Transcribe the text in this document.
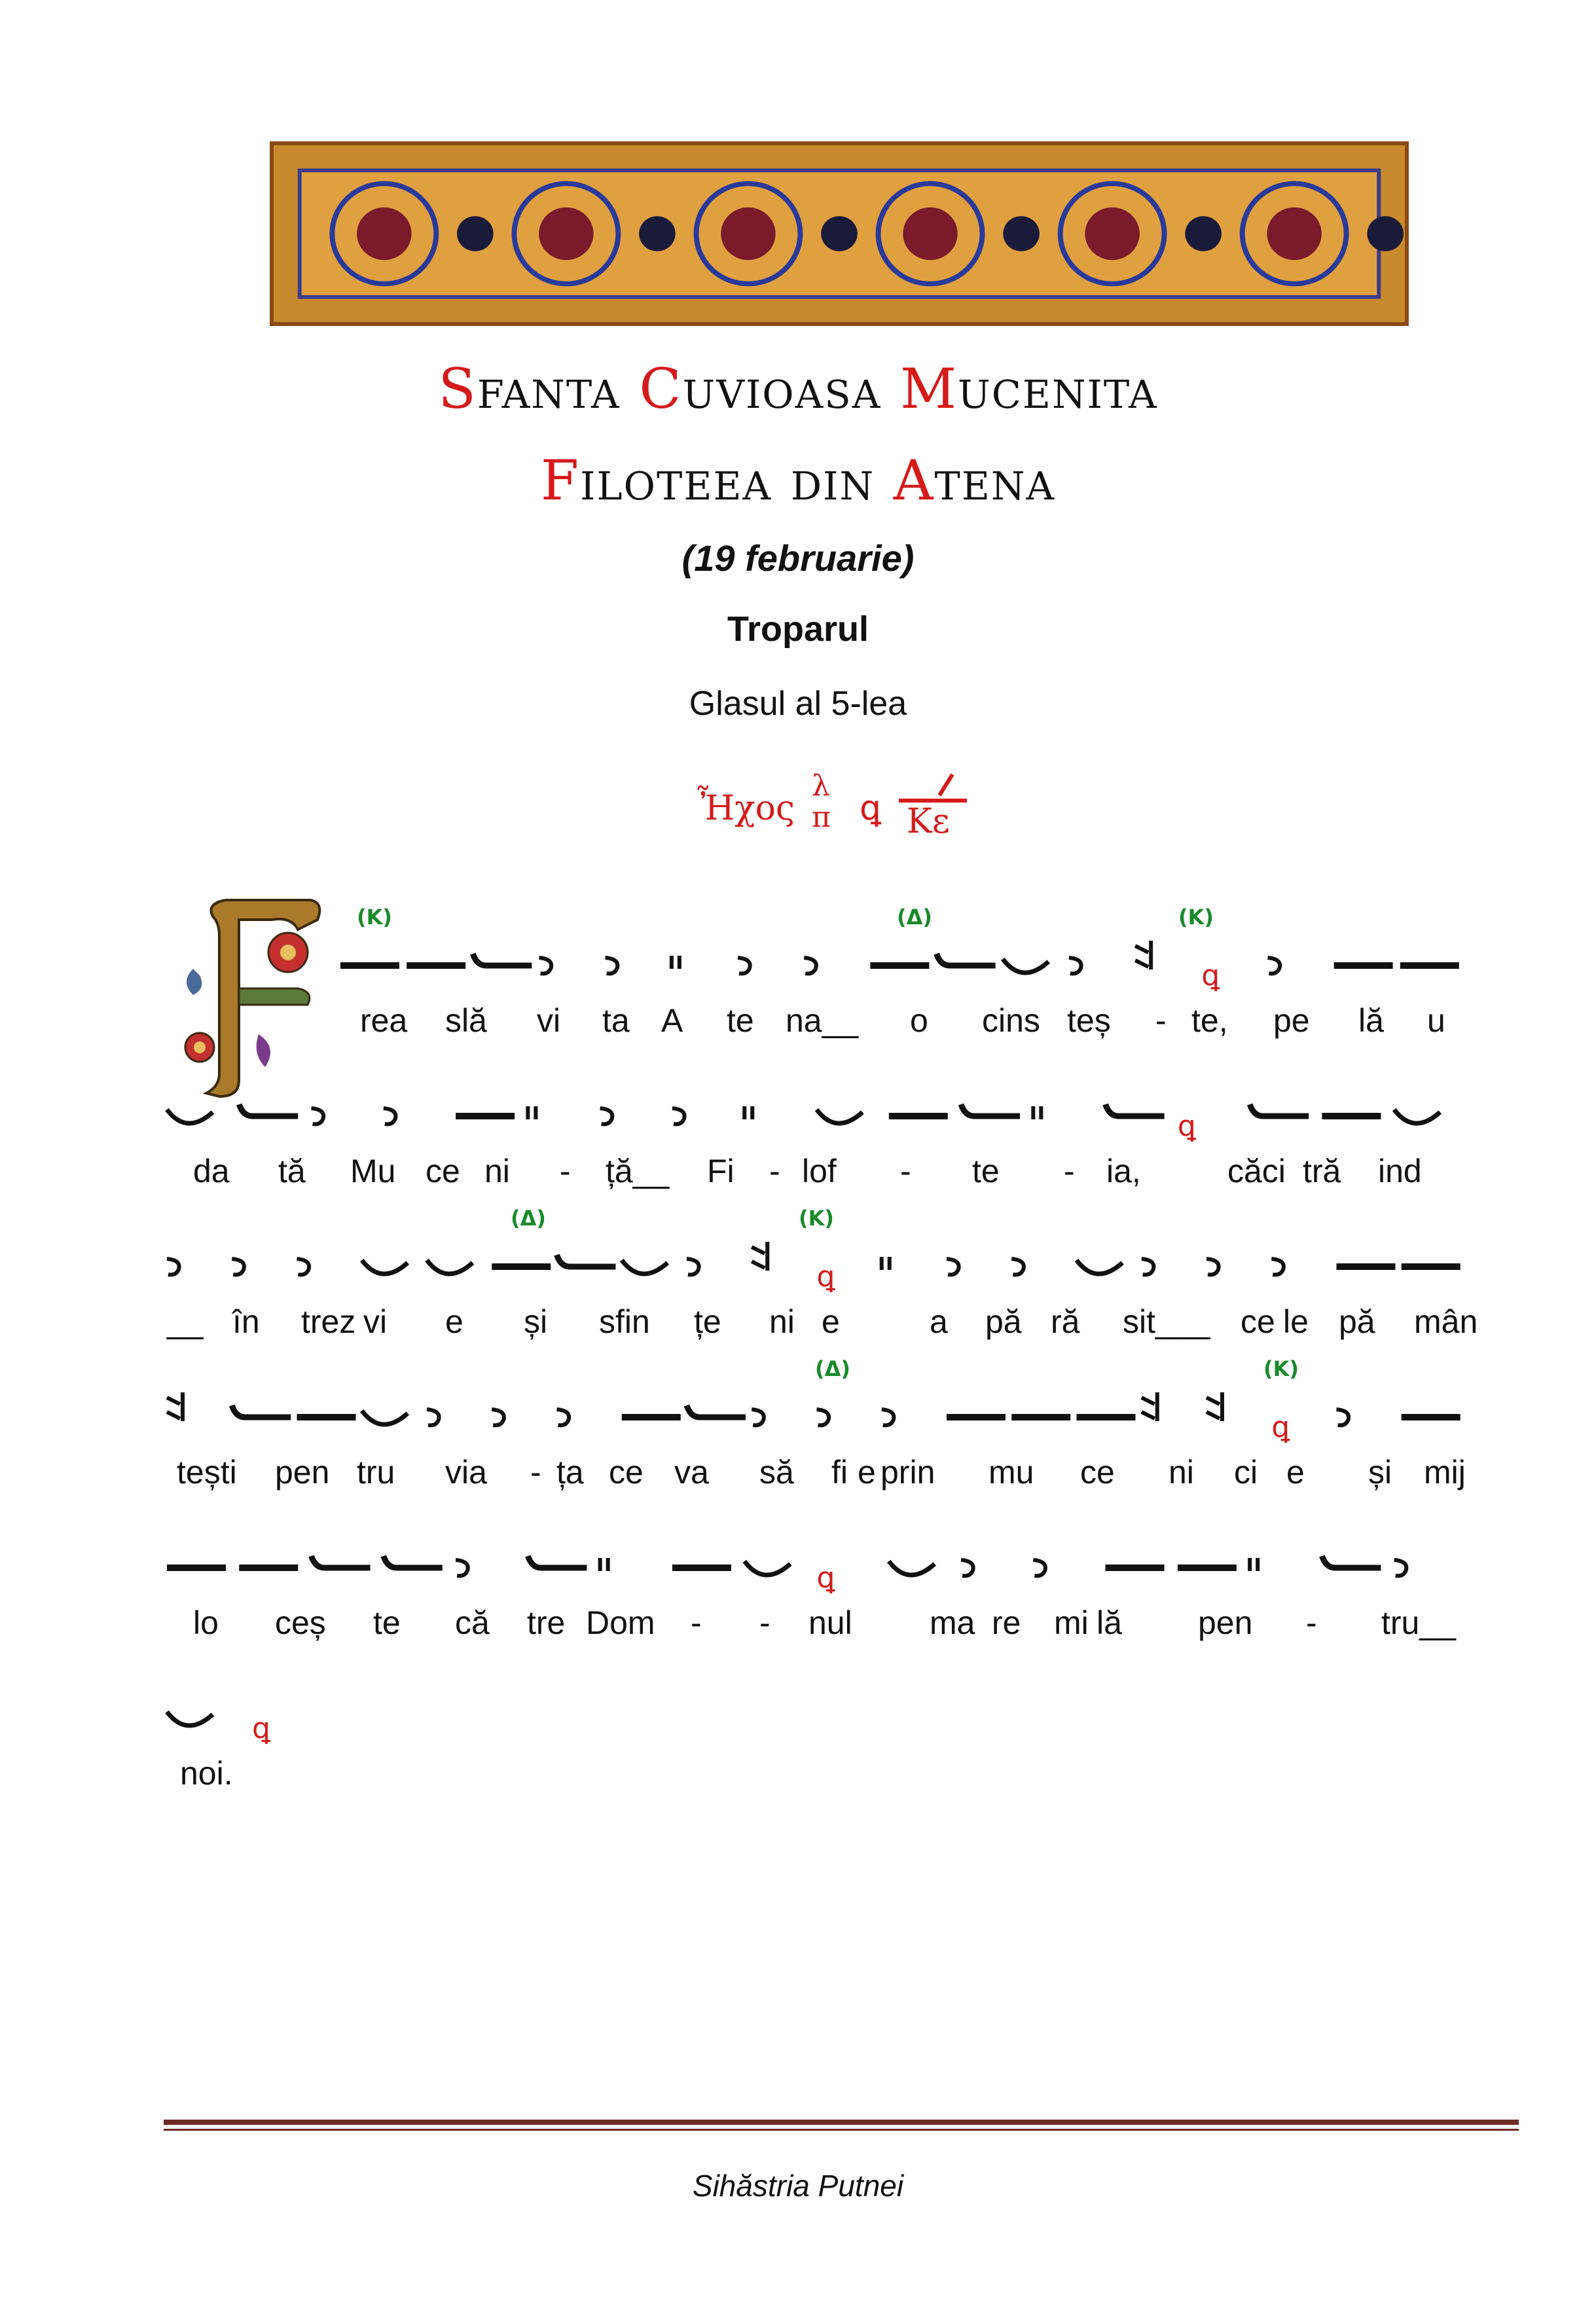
Sfanta Cuvioasa Mucenita
Filoteea din Atena
(19 februarie)
Troparul
Glasul al 5-lea
Ἦχος
λ
π ꝗ Κε
ꝗ
(Κ)	(Δ)	(Κ)
rea slă vi ta A te na__ o cins teș - te, pe lă u
ꝗ
da tă Mu ce ni - ță__ Fi - lof - te - ia,	căci tră ind
ꝗ
(Δ)	(Κ)
__ în trez vi e și sfin țe ni e	a pă ră sit___ ce le pă mân
ꝗ
(Δ)	(Κ)
tești pen tru via - ța ce va să fi e prin mu ce ni ci e și mij
ꝗ
lo ceș te că tre Dom - - nul ma re mi lă pen - tru__
ꝗ
noi.
Sihăstria Putnei
